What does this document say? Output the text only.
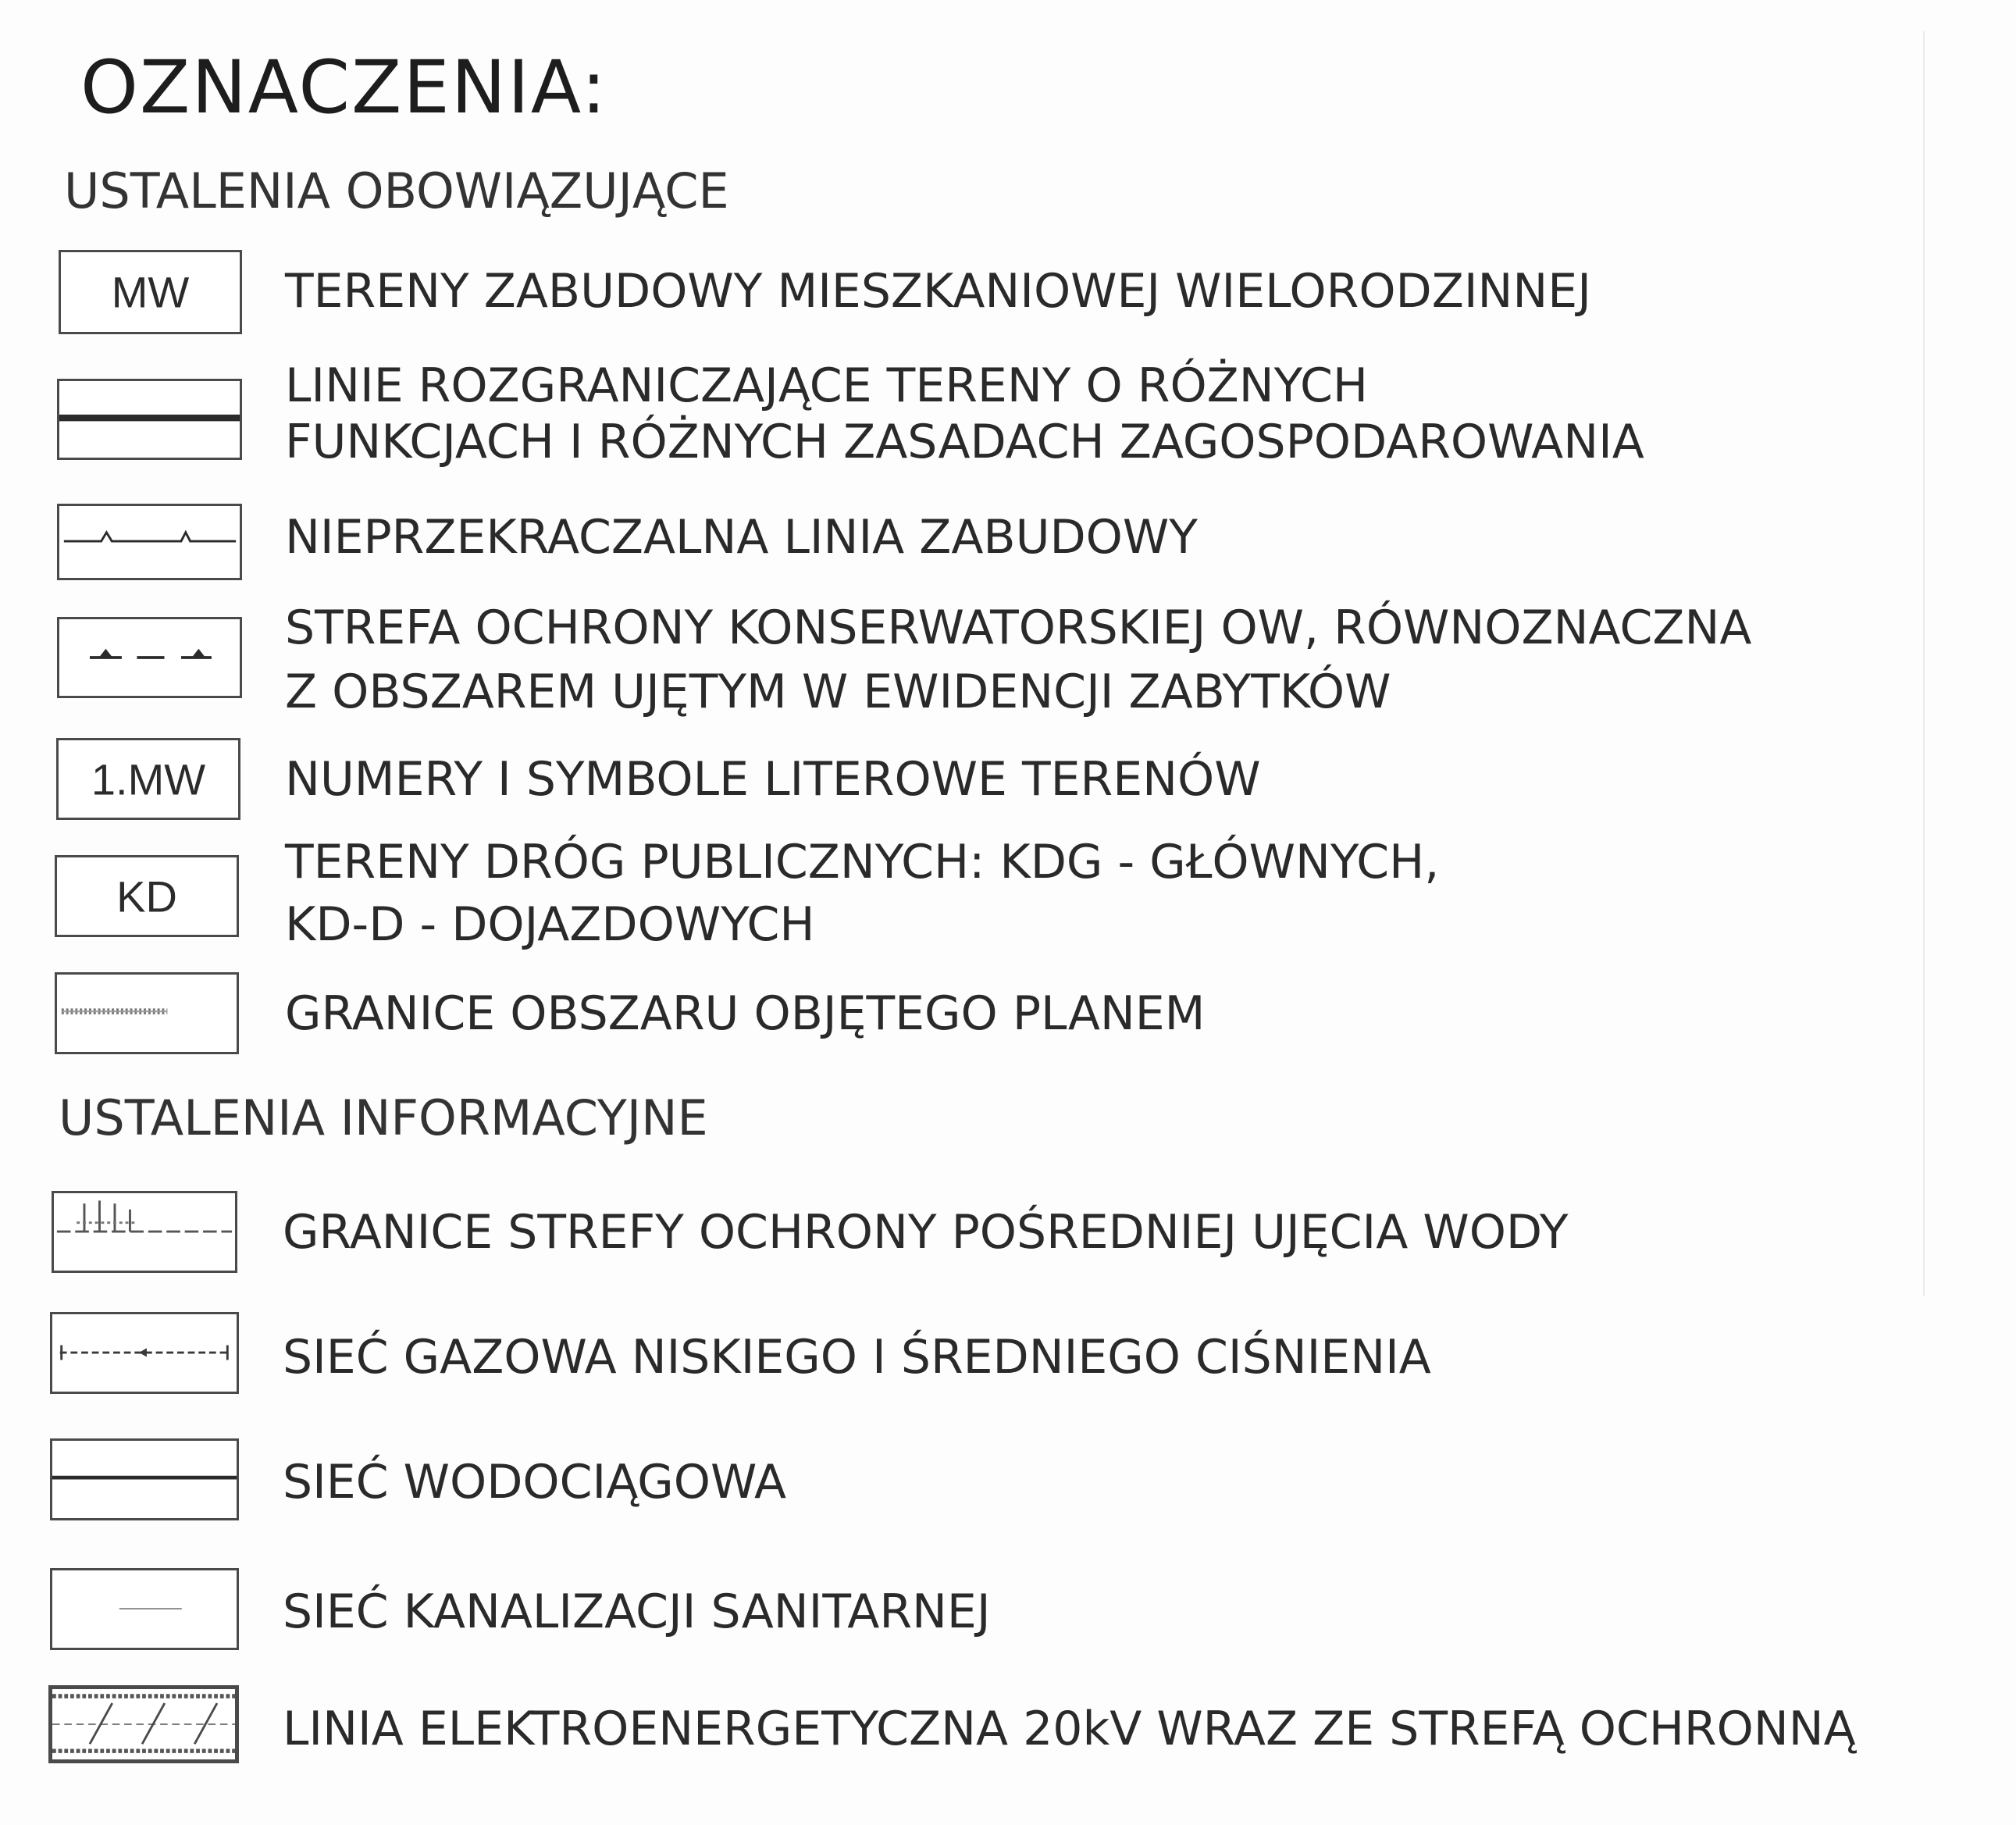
OZNACZENIA:
USTALENIA OBOWIĄZUJĄCE
MW	TERENY ZABUDOWY MIESZKANIOWEJ WIELORODZINNEJ
LINIE ROZGRANICZAJĄCE TERENY O RÓŻNYCH
FUNKCJACH I RÓŻNYCH ZASADACH ZAGOSPODAROWANIA
NIEPRZEKRACZALNA LINIA ZABUDOWY
STREFA OCHRONY KONSERWATORSKIEJ OW, RÓWNOZNACZNA
Z OBSZAREM UJĘTYM W EWIDENCJI ZABYTKÓW
1.MW	NUMERY I SYMBOLE LITEROWE TERENÓW
KD
TERENY DRÓG PUBLICZNYCH: KDG - GŁÓWNYCH,
KD-D - DOJAZDOWYCH
GRANICE OBSZARU OBJĘTEGO PLANEM
USTALENIA INFORMACYJNE
GRANICE STREFY OCHRONY POŚREDNIEJ UJĘCIA WODY
SIEĆ GAZOWA NISKIEGO I ŚREDNIEGO CIŚNIENIA
SIEĆ WODOCIĄGOWA
SIEĆ KANALIZACJI SANITARNEJ
LINIA ELEKTROENERGETYCZNA 20kV WRAZ ZE STREFĄ OCHRONNĄ
